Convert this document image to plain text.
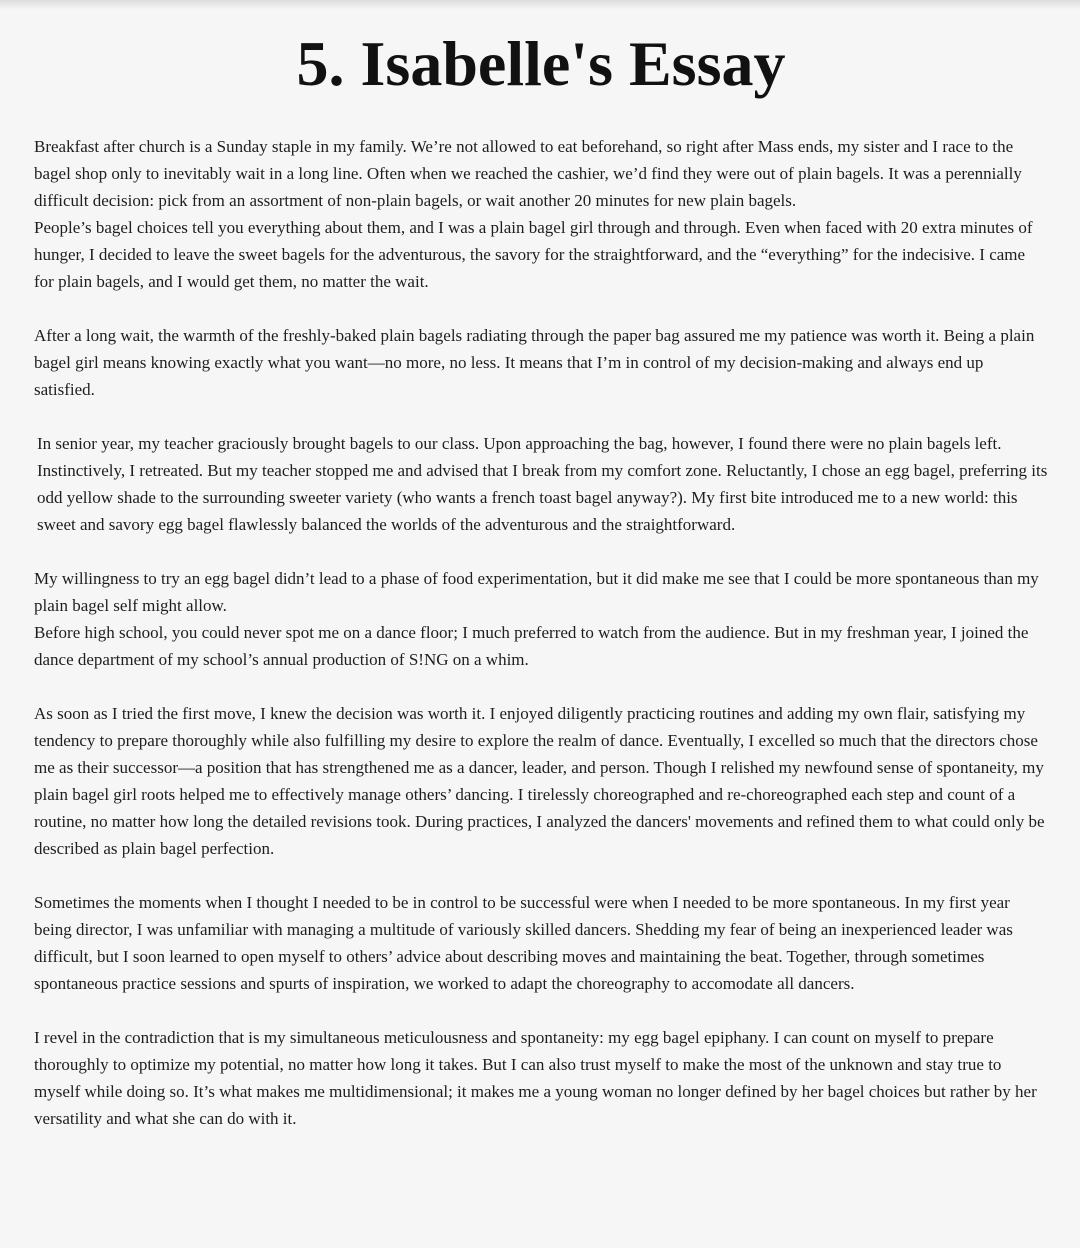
5. Isabelle's Essay

Breakfast after church is a Sunday staple in my family. We’re not allowed to eat beforehand, so right after Mass ends, my sister and I race to the bagel shop only to inevitably wait in a long line. Often when we reached the cashier, we’d find they were out of plain bagels. It was a perennially difficult decision: pick from an assortment of non-plain bagels, or wait another 20 minutes for new plain bagels.

People’s bagel choices tell you everything about them, and I was a plain bagel girl through and through. Even when faced with 20 extra minutes of hunger, I decided to leave the sweet bagels for the adventurous, the savory for the straightforward, and the “everything” for the indecisive. I came for plain bagels, and I would get them, no matter the wait.

After a long wait, the warmth of the freshly-baked plain bagels radiating through the paper bag assured me my patience was worth it. Being a plain bagel girl means knowing exactly what you want—no more, no less. It means that I’m in control of my decision-making and always end up satisfied.

In senior year, my teacher graciously brought bagels to our class. Upon approaching the bag, however, I found there were no plain bagels left. Instinctively, I retreated. But my teacher stopped me and advised that I break from my comfort zone. Reluctantly, I chose an egg bagel, preferring its odd yellow shade to the surrounding sweeter variety (who wants a french toast bagel anyway?). My first bite introduced me to a new world: this sweet and savory egg bagel flawlessly balanced the worlds of the adventurous and the straightforward.

My willingness to try an egg bagel didn’t lead to a phase of food experimentation, but it did make me see that I could be more spontaneous than my plain bagel self might allow.

Before high school, you could never spot me on a dance floor; I much preferred to watch from the audience. But in my freshman year, I joined the dance department of my school’s annual production of S!NG on a whim.

As soon as I tried the first move, I knew the decision was worth it. I enjoyed diligently practicing routines and adding my own flair, satisfying my tendency to prepare thoroughly while also fulfilling my desire to explore the realm of dance. Eventually, I excelled so much that the directors chose me as their successor—a position that has strengthened me as a dancer, leader, and person. Though I relished my newfound sense of spontaneity, my plain bagel girl roots helped me to effectively manage others’ dancing. I tirelessly choreographed and re-choreographed each step and count of a routine, no matter how long the detailed revisions took. During practices, I analyzed the dancers' movements and refined them to what could only be described as plain bagel perfection.

Sometimes the moments when I thought I needed to be in control to be successful were when I needed to be more spontaneous. In my first year being director, I was unfamiliar with managing a multitude of variously skilled dancers. Shedding my fear of being an inexperienced leader was difficult, but I soon learned to open myself to others’ advice about describing moves and maintaining the beat. Together, through sometimes spontaneous practice sessions and spurts of inspiration, we worked to adapt the choreography to accomodate all dancers.

I revel in the contradiction that is my simultaneous meticulousness and spontaneity: my egg bagel epiphany. I can count on myself to prepare thoroughly to optimize my potential, no matter how long it takes. But I can also trust myself to make the most of the unknown and stay true to myself while doing so. It’s what makes me multidimensional; it makes me a young woman no longer defined by her bagel choices but rather by her versatility and what she can do with it.
